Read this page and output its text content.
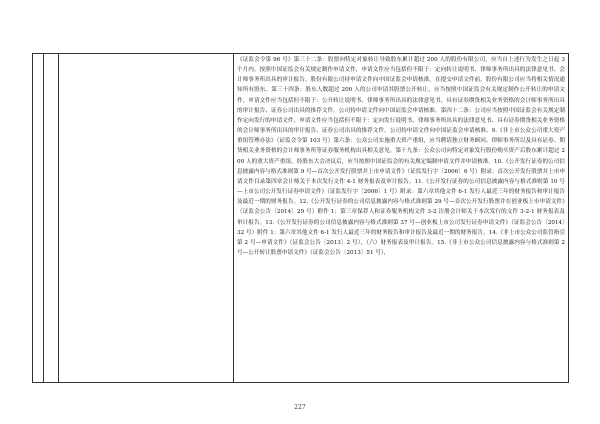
《证监会令第 96 号》第三十二条：股票向特定对象转让导致股东累计超过 200 人的股份有限公司，应当自上述行为发生之日起 3 个月内，按照中国证监会有关规定制作申请文件，申请文件应当包括但不限于：定向转让说明书、律师事务所出具的法律意见书、会计师事务所出具的审计报告。股份有限公司持申请文件向中国证监会申请核准。在提交申请文件前，股份有限公司应当将相关情况通知所有股东。第三十四条：股东人数超过 200 人的公司申请其股票公开转让，应当按照中国证监会有关规定制作公开转让的申请文件，申请文件应当包括但不限于：公开转让说明书、律师事务所出具的法律意见书、具有证券期货相关业务资格的会计师事务所出具的审计报告、证券公司出具的推荐文件。公司持申请文件向中国证监会申请核准。第四十二条：公司应当按照中国证监会有关规定制作定向发行的申请文件，申请文件应当包括但不限于：定向发行说明书、律师事务所出具的法律意见书、具有证券期货相关业务资格的会计师事务所出具的审计报告、证券公司出具的推荐文件。公司持申请文件向中国证监会申请核准。9.《非上市公众公司重大资产重组管理办法》（证监会令第 103 号）第六条：公众公司实施重大资产重组，应当聘请独立财务顾问、律师事务所以及具有证券、期货相关业务资格的会计师事务所等证券服务机构出具相关意见。第十九条：公众公司向特定对象发行股份购买资产后股东累计超过 200 人的重大资产重组，经股东大会决议后，应当按照中国证监会的有关规定编制申请文件并申请核准。10.《公开发行证券的公司信息披露内容与格式准则第 9 号—首次公开发行股票并上市申请文件》（证监发行字〔2006〕6 号）附录：首次公开发行股票并上市申请文件目录第四章会计师关于本次发行文件 4-1 财务报表及审计报告。11.《公开发行证券的公司信息披露内容与格式准则第 10 号—上市公司公开发行证券申请文件》（证监发行字〔2006〕1 号）附录：第六章其他文件 6-1 发行人最近三年的财务报告和审计报告及最近一期的财务报告。12.《公开发行证券的公司信息披露内容与格式准则第 29 号—首次公开发行股票并在创业板上市申请文件》（证监会公告〔2014〕29 号）附件 1：第三章保荐人和证券服务机构文件 3-2 注册会计师关于本次发行的文件 3-2-1 财务报表及审计报告。13.《公开发行证券的公司信息披露内容与格式准则第 37 号—创业板上市公司发行证券申请文件》（证监会公告〔2014〕32 号）附件 1：第六章其他文件 6-1 发行人最近三年的财务报告和审计报告及最近一期的财务报告。14.《非上市公众公司监管指引第 2 号—申请文件》（证监会公告〔2013〕2 号），（六）财务报表及审计报告。15.《非上市公众公司信息披露内容与格式准则第 2 号—公开转让股票申请文件》（证监会公告〔2013〕51 号），

227
